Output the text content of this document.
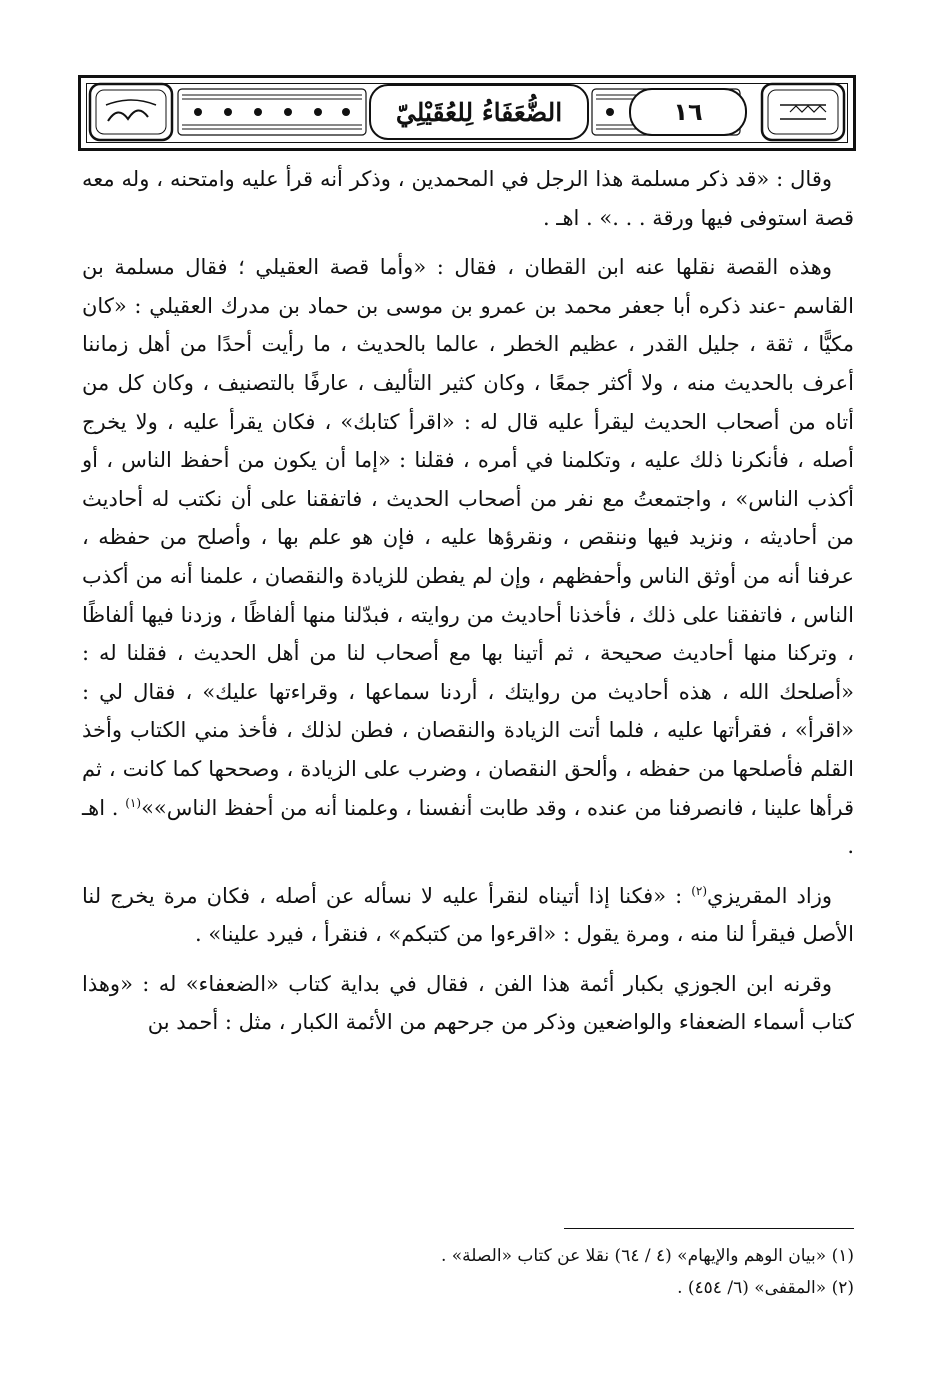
١٦
الضُّعَفَاءُ لِلعُقَيْلِيّ

وقال : «قد ذكر مسلمة هذا الرجل في المحمدين ، وذكر أنه قرأ عليه وامتحنه ، وله معه قصة استوفى فيها ورقة . . .» . اهـ .

وهذه القصة نقلها عنه ابن القطان ، فقال : «وأما قصة العقيلي ؛ فقال مسلمة بن القاسم -عند ذكره أبا جعفر محمد بن عمرو بن موسى بن حماد بن مدرك العقيلي : «كان مكيًّا ، ثقة ، جليل القدر ، عظيم الخطر ، عالما بالحديث ، ما رأيت أحدًا من أهل زماننا أعرف بالحديث منه ، ولا أكثر جمعًا ، وكان كثير التأليف ، عارفًا بالتصنيف ، وكان كل من أتاه من أصحاب الحديث ليقرأ عليه قال له : «اقرأ كتابك» ، فكان يقرأ عليه ، ولا يخرج أصله ، فأنكرنا ذلك عليه ، وتكلمنا في أمره ، فقلنا : «إما أن يكون من أحفظ الناس ، أو أكذب الناس» ، واجتمعتُ مع نفر من أصحاب الحديث ، فاتفقنا على أن نكتب له أحاديث من أحاديثه ، ونزيد فيها وننقص ، ونقرؤها عليه ، فإن هو علم بها ، وأصلح من حفظه ، عرفنا أنه من أوثق الناس وأحفظهم ، وإن لم يفطن للزيادة والنقصان ، علمنا أنه من أكذب الناس ، فاتفقنا على ذلك ، فأخذنا أحاديث من روايته ، فبدّلنا منها ألفاظًا ، وزدنا فيها ألفاظًا ، وتركنا منها أحاديث صحيحة ، ثم أتينا بها مع أصحاب لنا من أهل الحديث ، فقلنا له : «أصلحك الله ، هذه أحاديث من روايتك ، أردنا سماعها ، وقراءتها عليك» ، فقال لي : «اقرأ» ، فقرأتها عليه ، فلما أتت الزيادة والنقصان ، فطن لذلك ، فأخذ مني الكتاب وأخذ القلم فأصلحها من حفظه ، وألحق النقصان ، وضرب على الزيادة ، وصححها كما كانت ، ثم قرأها علينا ، فانصرفنا من عنده ، وقد طابت أنفسنا ، وعلمنا أنه من أحفظ الناس»»$^{(١)}$ . اهـ .

وزاد المقريزي$^{(٢)}$ : «فكنا إذا أتيناه لنقرأ عليه لا نسأله عن أصله ، فكان مرة يخرج لنا الأصل فيقرأ لنا منه ، ومرة يقول : «اقرءوا من كتبكم» ، فنقرأ ، فيرد علينا» .

وقرنه ابن الجوزي بكبار أئمة هذا الفن ، فقال في بداية كتاب «الضعفاء» له : «وهذا كتاب أسماء الضعفاء والواضعين وذكر من جرحهم من الأئمة الكبار ، مثل : أحمد بن

(١) «بيان الوهم والإيهام» (٤ / ٦٤) نقلا عن كتاب «الصلة» .

(٢) «المقفى» (٦/ ٤٥٤) .
